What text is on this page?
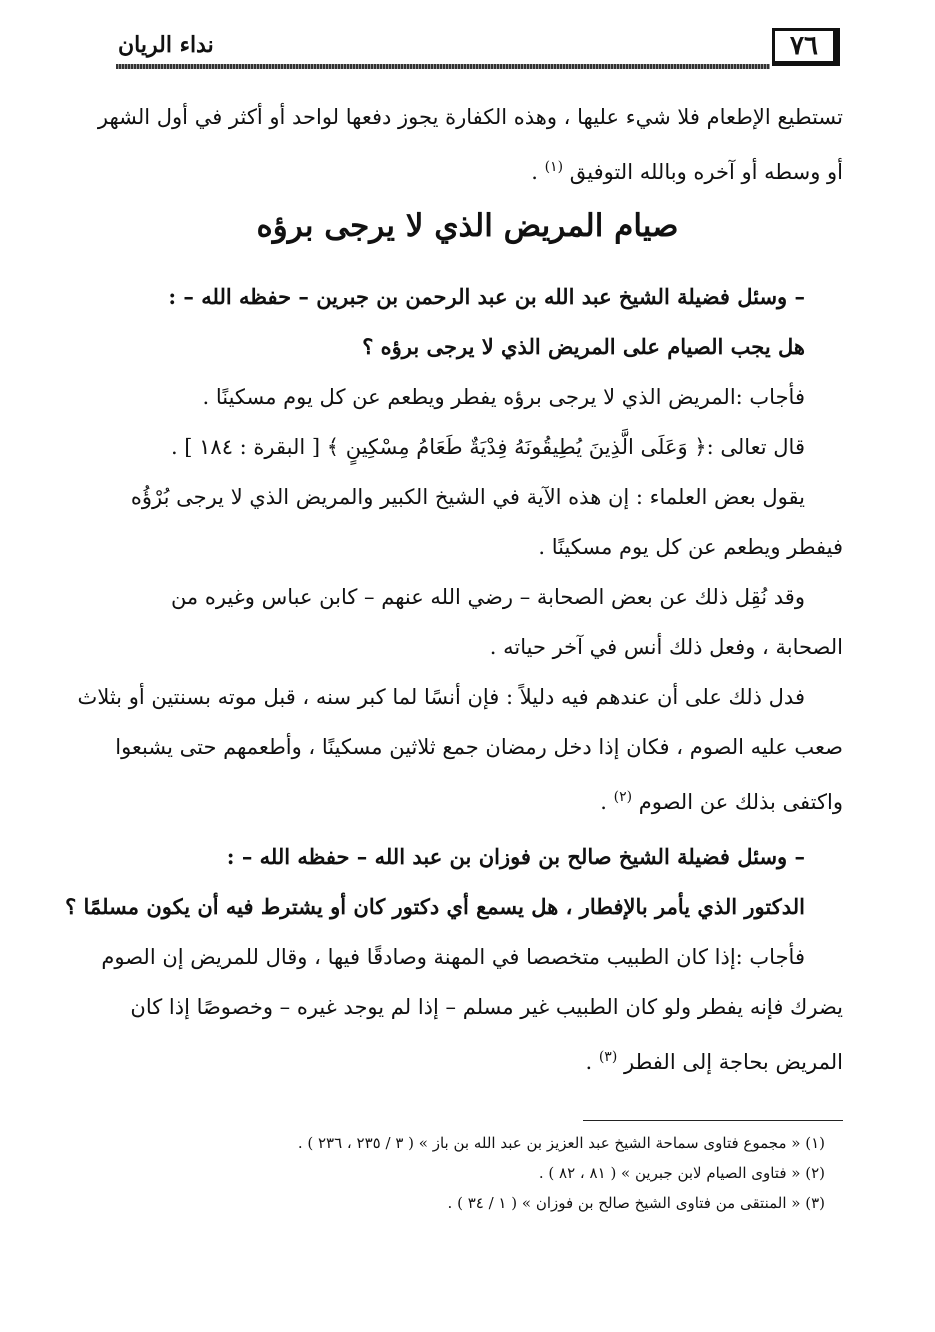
٧٦
نداء الريان
تستطيع الإطعام فلا شيء عليها ، وهذه الكفارة يجوز دفعها لواحد أو أكثر في أول الشهر
أو وسطه أو آخره وبالله التوفيق $^{(١)}$ .
صيام المريض الذي لا يرجى برؤه
– وسئل فضيلة الشيخ عبد الله بن عبد الرحمن بن جبرين – حفظه الله – :
هل يجب الصيام على المريض الذي لا يرجى برؤه ؟
فأجاب :المريض الذي لا يرجى برؤه يفطر ويطعم عن كل يوم مسكينًا .
قال تعالى :﴿ وَعَلَى الَّذِينَ يُطِيقُونَهُ فِدْيَةٌ طَعَامُ مِسْكِينٍ ﴾ [ البقرة : ١٨٤ ] .
يقول بعض العلماء : إن هذه الآية في الشيخ الكبير والمريض الذي لا يرجى بُرْؤُه
فيفطر ويطعم عن كل يوم مسكينًا .
وقد نُقِل ذلك عن بعض الصحابة – رضي الله عنهم – كابن عباس وغيره من
الصحابة ، وفعل ذلك أنس في آخر حياته .
فدل ذلك على أن عندهم فيه دليلاً : فإن أنسًا لما كبر سنه ، قبل موته بسنتين أو بثلاث
صعب عليه الصوم ، فكان إذا دخل رمضان جمع ثلاثين مسكينًا ، وأطعمهم حتى يشبعوا
واكتفى بذلك عن الصوم $^{(٢)}$ .
– وسئل فضيلة الشيخ صالح بن فوزان بن عبد الله – حفظه الله – :
الدكتور الذي يأمر بالإفطار ، هل يسمع أي دكتور كان أو يشترط فيه أن يكون مسلمًا ؟
فأجاب :إذا كان الطبيب متخصصا في المهنة وصادقًا فيها ، وقال للمريض إن الصوم
يضرك فإنه يفطر ولو كان الطبيب غير مسلم – إذا لم يوجد غيره – وخصوصًا إذا كان
المريض بحاجة إلى الفطر $^{(٣)}$ .
(١) « مجموع فتاوى سماحة الشيخ عبد العزيز بن عبد الله بن باز » ( ٣ / ٢٣٥ ، ٢٣٦ ) .
(٢) « فتاوى الصيام لابن جبرين » ( ٨١ ، ٨٢ ) .
(٣) « المنتقى من فتاوى الشيخ صالح بن فوزان » ( ١ / ٣٤ ) .
